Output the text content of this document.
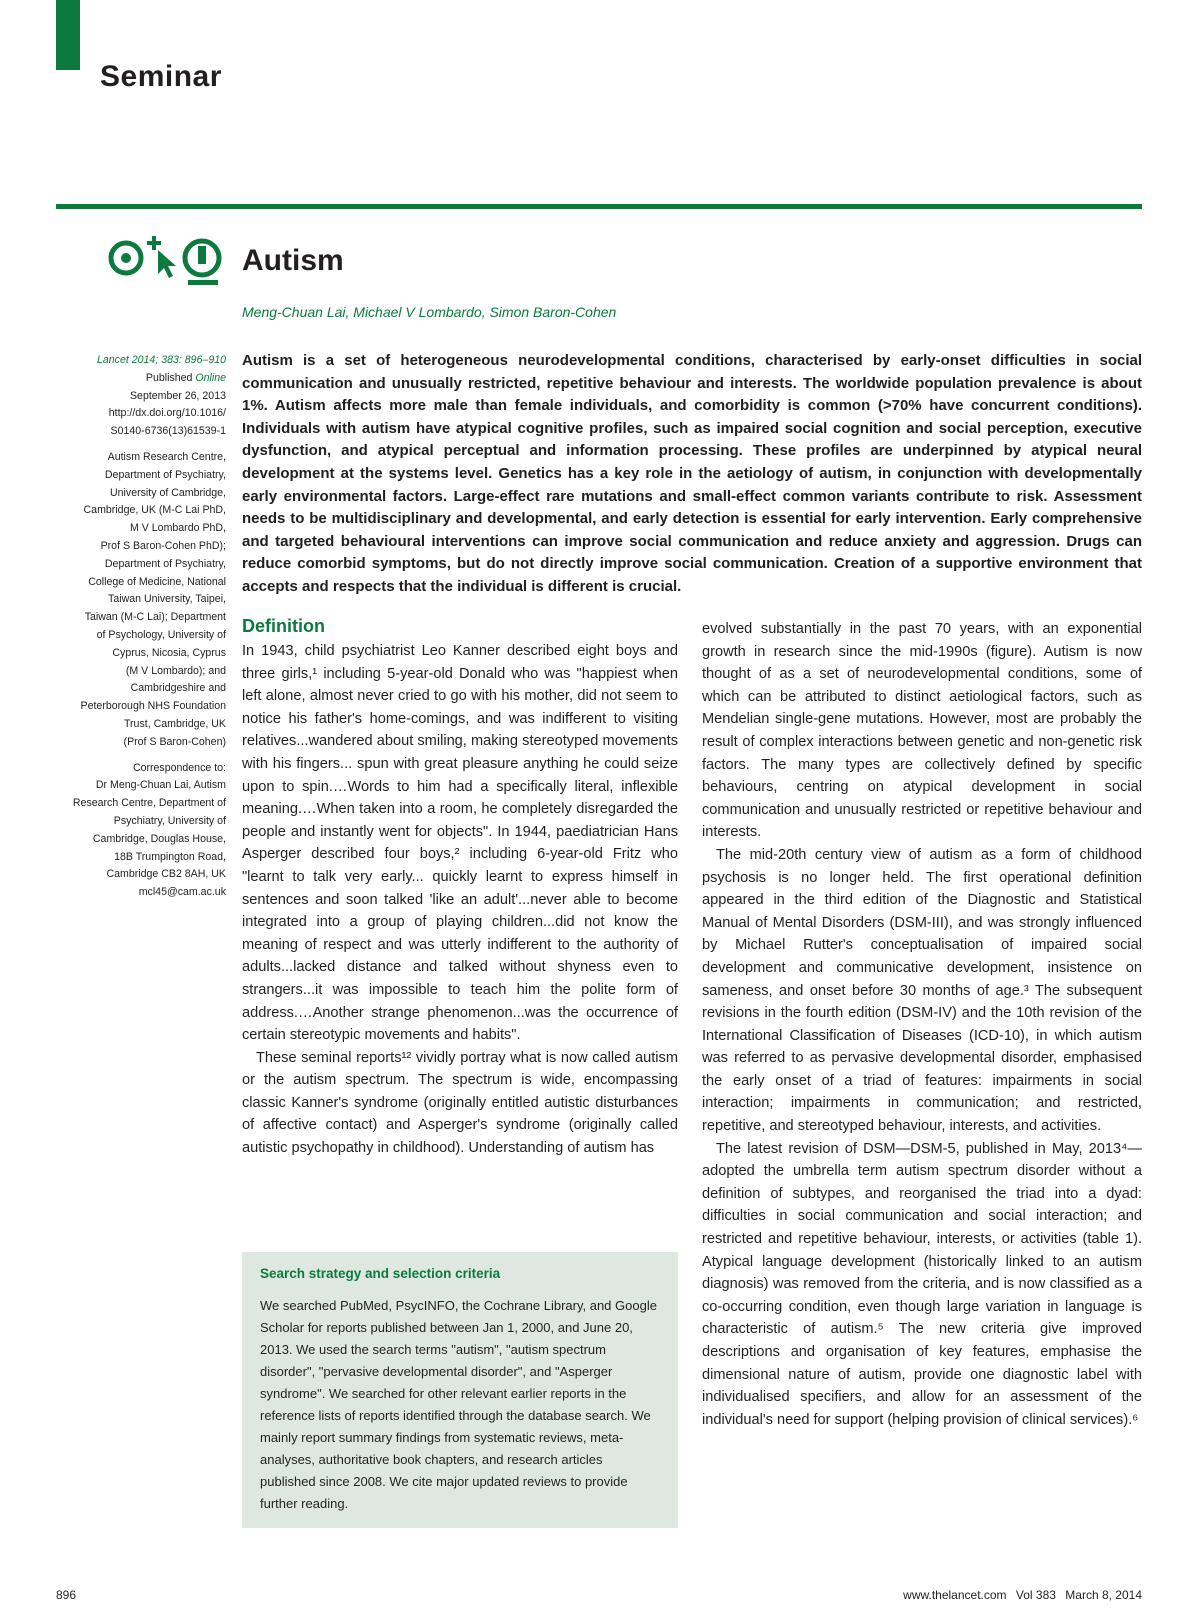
Seminar
Autism
Meng-Chuan Lai, Michael V Lombardo, Simon Baron-Cohen
Lancet 2014; 383: 896–910
Published Online
September 26, 2013
http://dx.doi.org/10.1016/
S0140-6736(13)61539-1
Autism Research Centre,
Department of Psychiatry,
University of Cambridge,
Cambridge, UK (M-C Lai PhD,
M V Lombardo PhD,
Prof S Baron-Cohen PhD);
Department of Psychiatry,
College of Medicine, National
Taiwan University, Taipei,
Taiwan (M-C Lai); Department
of Psychology, University of
Cyprus, Nicosia, Cyprus
(M V Lombardo); and
Cambridgeshire and
Peterborough NHS Foundation
Trust, Cambridge, UK
(Prof S Baron-Cohen)
Correspondence to:
Dr Meng-Chuan Lai, Autism
Research Centre, Department of
Psychiatry, University of
Cambridge, Douglas House,
18B Trumpington Road,
Cambridge CB2 8AH, UK
mcl45@cam.ac.uk
Autism is a set of heterogeneous neurodevelopmental conditions, characterised by early-onset difficulties in social communication and unusually restricted, repetitive behaviour and interests. The worldwide population prevalence is about 1%. Autism affects more male than female individuals, and comorbidity is common (>70% have concurrent conditions). Individuals with autism have atypical cognitive profiles, such as impaired social cognition and social perception, executive dysfunction, and atypical perceptual and information processing. These profiles are underpinned by atypical neural development at the systems level. Genetics has a key role in the aetiology of autism, in conjunction with developmentally early environmental factors. Large-effect rare mutations and small-effect common variants contribute to risk. Assessment needs to be multidisciplinary and developmental, and early detection is essential for early intervention. Early comprehensive and targeted behavioural interventions can improve social communication and reduce anxiety and aggression. Drugs can reduce comorbid symptoms, but do not directly improve social communication. Creation of a supportive environment that accepts and respects that the individual is different is crucial.
Definition

In 1943, child psychiatrist Leo Kanner described eight boys and three girls,¹ including 5-year-old Donald who was "happiest when left alone, almost never cried to go with his mother, did not seem to notice his father's home-comings, and was indifferent to visiting relatives...wandered about smiling, making stereotyped movements with his fingers... spun with great pleasure anything he could seize upon to spin.…Words to him had a specifically literal, inflexible meaning.…When taken into a room, he completely disregarded the people and instantly went for objects". In 1944, paediatrician Hans Asperger described four boys,² including 6-year-old Fritz who "learnt to talk very early... quickly learnt to express himself in sentences and soon talked 'like an adult'...never able to become integrated into a group of playing children...did not know the meaning of respect and was utterly indifferent to the authority of adults...lacked distance and talked without shyness even to strangers...it was impossible to teach him the polite form of address.…Another strange phenomenon...was the occurrence of certain stereotypic movements and habits".

These seminal reports¹² vividly portray what is now called autism or the autism spectrum. The spectrum is wide, encompassing classic Kanner's syndrome (originally entitled autistic disturbances of affective contact) and Asperger's syndrome (originally called autistic psychopathy in childhood). Understanding of autism has

evolved substantially in the past 70 years, with an exponential growth in research since the mid-1990s (figure). Autism is now thought of as a set of neurodevelopmental conditions, some of which can be attributed to distinct aetiological factors, such as Mendelian single-gene mutations. However, most are probably the result of complex interactions between genetic and non-genetic risk factors. The many types are collectively defined by specific behaviours, centring on atypical development in social communication and unusually restricted or repetitive behaviour and interests.

The mid-20th century view of autism as a form of childhood psychosis is no longer held. The first operational definition appeared in the third edition of the Diagnostic and Statistical Manual of Mental Disorders (DSM-III), and was strongly influenced by Michael Rutter's conceptualisation of impaired social development and communicative development, insistence on sameness, and onset before 30 months of age.³ The subsequent revisions in the fourth edition (DSM-IV) and the 10th revision of the International Classification of Diseases (ICD-10), in which autism was referred to as pervasive developmental disorder, emphasised the early onset of a triad of features: impairments in social interaction; impairments in communication; and restricted, repetitive, and stereotyped behaviour, interests, and activities.

The latest revision of DSM—DSM-5, published in May, 2013⁴—adopted the umbrella term autism spectrum disorder without a definition of subtypes, and reorganised the triad into a dyad: difficulties in social communication and social interaction; and restricted and repetitive behaviour, interests, or activities (table 1). Atypical language development (historically linked to an autism diagnosis) was removed from the criteria, and is now classified as a co-occurring condition, even though large variation in language is characteristic of autism.⁵ The new criteria give improved descriptions and organisation of key features, emphasise the dimensional nature of autism, provide one diagnostic label with individualised specifiers, and allow for an assessment of the individual's need for support (helping provision of clinical services).⁶

Search strategy and selection criteria
We searched PubMed, PsycINFO, the Cochrane Library, and Google Scholar for reports published between Jan 1, 2000, and June 20, 2013. We used the search terms "autism", "autism spectrum disorder", "pervasive developmental disorder", and "Asperger syndrome". We searched for other relevant earlier reports in the reference lists of reports identified through the database search. We mainly report summary findings from systematic reviews, meta-analyses, authoritative book chapters, and research articles published since 2008. We cite major updated reviews to provide further reading.
896	www.thelancet.com Vol 383 March 8, 2014
